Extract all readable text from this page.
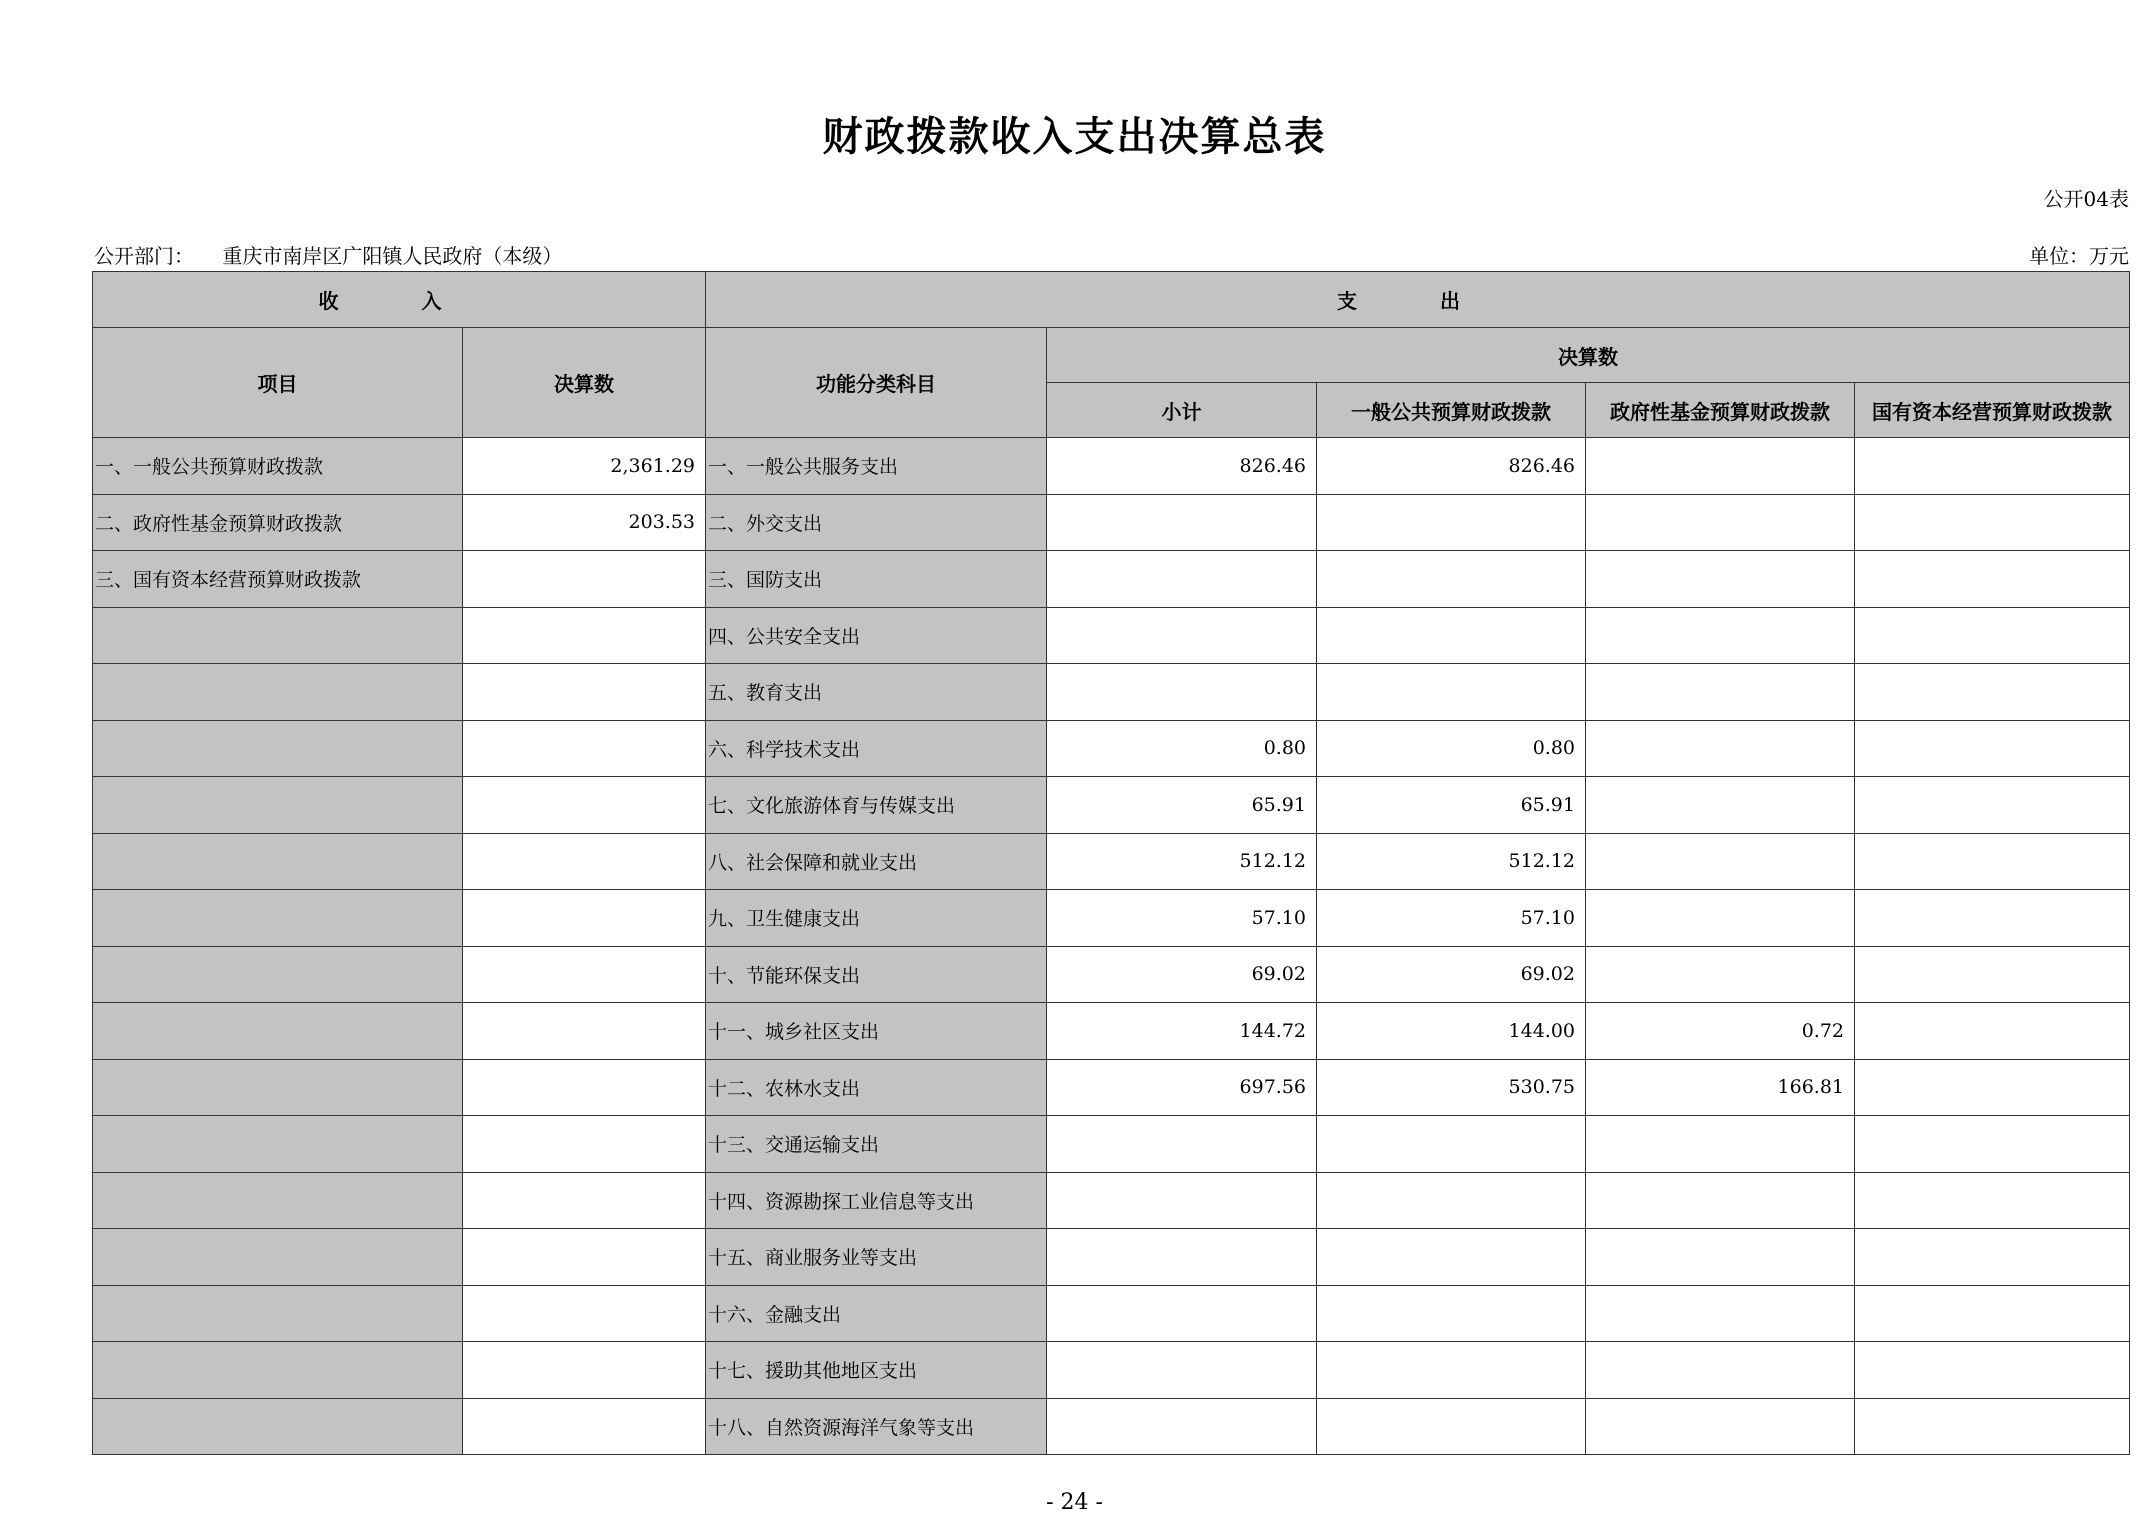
财政拨款收入支出决算总表
公开04表
公开部门： 重庆市南岸区广阳镇人民政府（本级）	单位：万元
收 入		支 出				
项目	决算数	功能分类科目	决算数			
			小计	一般公共预算财政拨款	政府性基金预算财政拨款	国有资本经营预算财政拨款
一、一般公共预算财政拨款	2,361.29	一、一般公共服务支出	826.46	826.46		
二、政府性基金预算财政拨款	203.53	二、外交支出				
三、国有资本经营预算财政拨款		三、国防支出				
		四、公共安全支出				
		五、教育支出				
		六、科学技术支出	0.80	0.80		
		七、文化旅游体育与传媒支出	65.91	65.91		
		八、社会保障和就业支出	512.12	512.12		
		九、卫生健康支出	57.10	57.10		
		十、节能环保支出	69.02	69.02		
		十一、城乡社区支出	144.72	144.00	0.72	
		十二、农林水支出	697.56	530.75	166.81	
		十三、交通运输支出				
		十四、资源勘探工业信息等支出				
		十五、商业服务业等支出				
		十六、金融支出				
		十七、援助其他地区支出				
		十八、自然资源海洋气象等支出				
- 24 -
